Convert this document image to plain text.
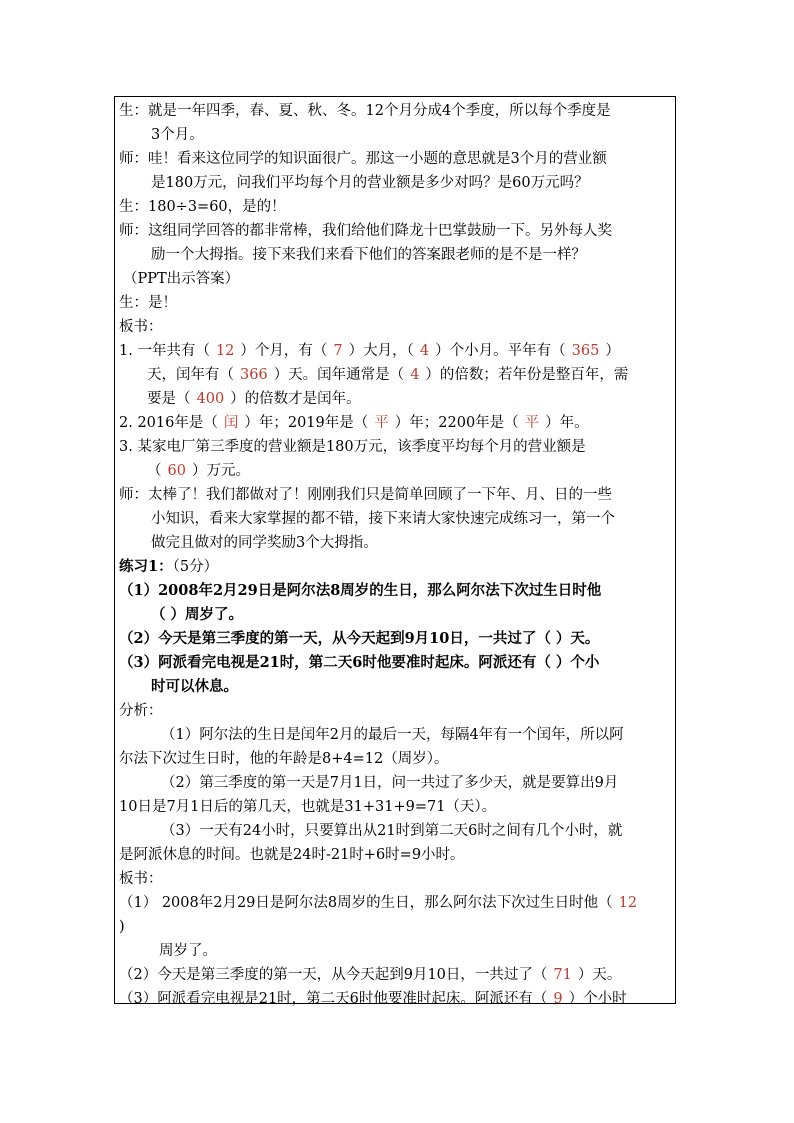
生：就是一年四季，春、夏、秋、冬。12个月分成4个季度，所以每个季度是
3个月。
师：哇！看来这位同学的知识面很广。那这一小题的意思就是3个月的营业额
是180万元，问我们平均每个月的营业额是多少对吗？是60万元吗？
生：180÷3=60，是的！
师：这组同学回答的都非常棒，我们给他们降龙十巴掌鼓励一下。另外每人奖
励一个大拇指。接下来我们来看下他们的答案跟老师的是不是一样？
（PPT出示答案）
生：是！
板书：
1. 一年共有（ 12 ）个月，有（ 7 ）大月，（ 4 ）个小月。平年有（ 365 ）
天，闰年有（ 366 ）天。闰年通常是（ 4 ）的倍数；若年份是整百年，需
要是（ 400 ）的倍数才是闰年。
2. 2016年是（ 闰 ）年；2019年是（ 平 ）年；2200年是（ 平 ）年。
3. 某家电厂第三季度的营业额是180万元，该季度平均每个月的营业额是
（ 60 ）万元。
师：太棒了！我们都做对了！刚刚我们只是简单回顾了一下年、月、日的一些
小知识，看来大家掌握的都不错，接下来请大家快速完成练习一，第一个
做完且做对的同学奖励3个大拇指。
练习1：（5分）
（1）2008年2月29日是阿尔法8周岁的生日，那么阿尔法下次过生日时他
（ ）周岁了。
（2）今天是第三季度的第一天，从今天起到9月10日，一共过了（ ）天。
（3）阿派看完电视是21时，第二天6时他要准时起床。阿派还有（ ）个小
时可以休息。
分析：
（1）阿尔法的生日是闰年2月的最后一天，每隔4年有一个闰年，所以阿
尔法下次过生日时，他的年龄是8+4=12（周岁）。
（2）第三季度的第一天是7月1日，问一共过了多少天，就是要算出9月
10日是7月1日后的第几天，也就是31+31+9=71（天）。
（3）一天有24小时，只要算出从21时到第二天6时之间有几个小时，就
是阿派休息的时间。也就是24时-21时+6时=9小时。
板书：
（1） 2008年2月29日是阿尔法8周岁的生日，那么阿尔法下次过生日时他（ 12
)
周岁了。
（2）今天是第三季度的第一天，从今天起到9月10日，一共过了（ 71 ）天。
（3）阿派看完电视是21时，第二天6时他要准时起床。阿派还有（ 9 ）个小时
